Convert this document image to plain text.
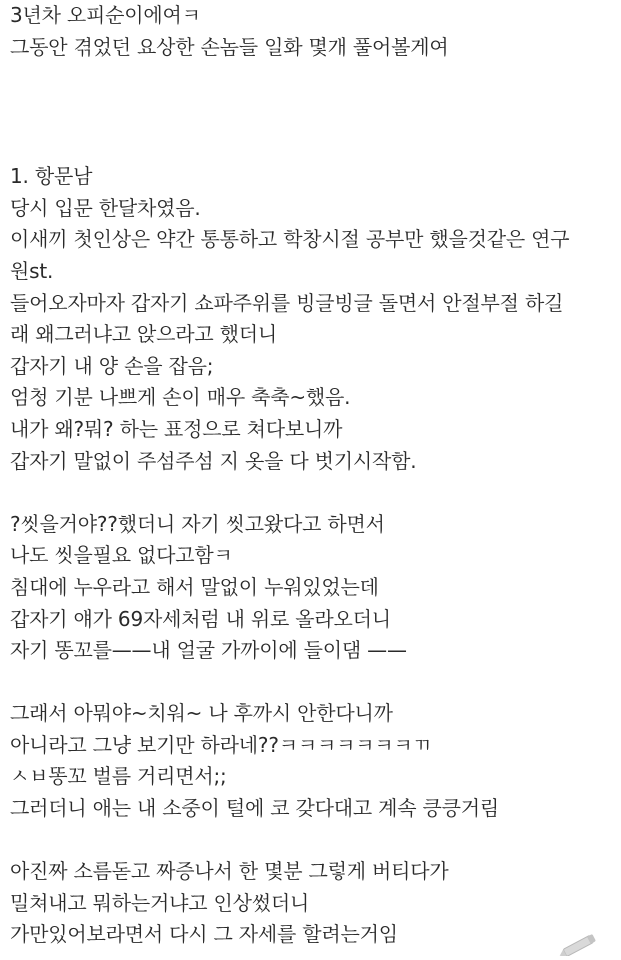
3년차 오피순이에여ㅋ
그동안 겪었던 요상한 손놈들 일화 몇개 풀어볼게여
1. 항문남
당시 입문 한달차였음.
이새끼 첫인상은 약간 통통하고 학창시절 공부만 했을것같은 연구
원st.
들어오자마자 갑자기 쇼파주위를 빙글빙글 돌면서 안절부절 하길
래 왜그러냐고 앉으라고 했더니
갑자기 내 양 손을 잡음;
엄청 기분 나쁘게 손이 매우 축축~했음.
내가 왜?뭐? 하는 표정으로 쳐다보니까
갑자기 말없이 주섬주섬 지 옷을 다 벗기시작함.
?씻을거야??했더니 자기 씻고왔다고 하면서
나도 씻을필요 없다고함ㅋ
침대에 누우라고 해서 말없이 누워있었는데
갑자기 얘가 69자세처럼 내 위로 올라오더니
자기 똥꼬를——내 얼굴 가까이에 들이댐 ——
그래서 아뭐야~치워~ 나 후까시 안한다니까
아니라고 그냥 보기만 하라네??ㅋㅋㅋㅋㅋㅋㅋㄲ
ㅅㅂ똥꼬 벌름 거리면서;;
그러더니 애는 내 소중이 털에 코 갖다대고 계속 킁킁거림
아진짜 소름돋고 짜증나서 한 몇분 그렇게 버티다가
밀쳐내고 뭐하는거냐고 인상썼더니
가만있어보라면서 다시 그 자세를 할려는거임
